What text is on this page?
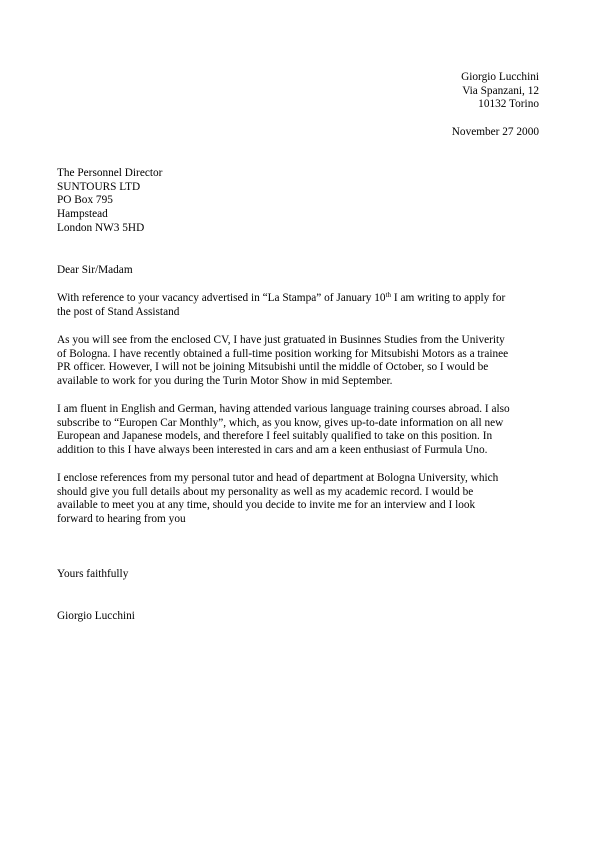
Giorgio Lucchini
Via Spanzani, 12
10132 Torino
November 27 2000
The Personnel Director
SUNTOURS LTD
PO Box 795
Hampstead
London NW3 5HD
Dear Sir/Madam
With reference to your vacancy advertised in “La Stampa” of January 10th I am writing to apply for
the post of Stand Assistand
As you will see from the enclosed CV, I have just gratuated in Businnes Studies from the Univerity
of Bologna. I have recently obtained a full-time position working for Mitsubishi Motors as a trainee
PR officer. However, I will not be joining Mitsubishi until the middle of October, so I would be
available to work for you during the Turin Motor Show in mid September.
I am fluent in English and German, having attended various language training courses abroad. I also
subscribe to “Europen Car Monthly”, which, as you know, gives up-to-date information on all new
European and Japanese models, and therefore I feel suitably qualified to take on this position. In
addition to this I have always been interested in cars and am a keen enthusiast of Furmula Uno.
I enclose references from my personal tutor and head of department at Bologna University, which
should give you full details about my personality as well as my academic record. I would be
available to meet you at any time, should you decide to invite me for an interview and I look
forward to hearing from you
Yours faithfully
Giorgio Lucchini
